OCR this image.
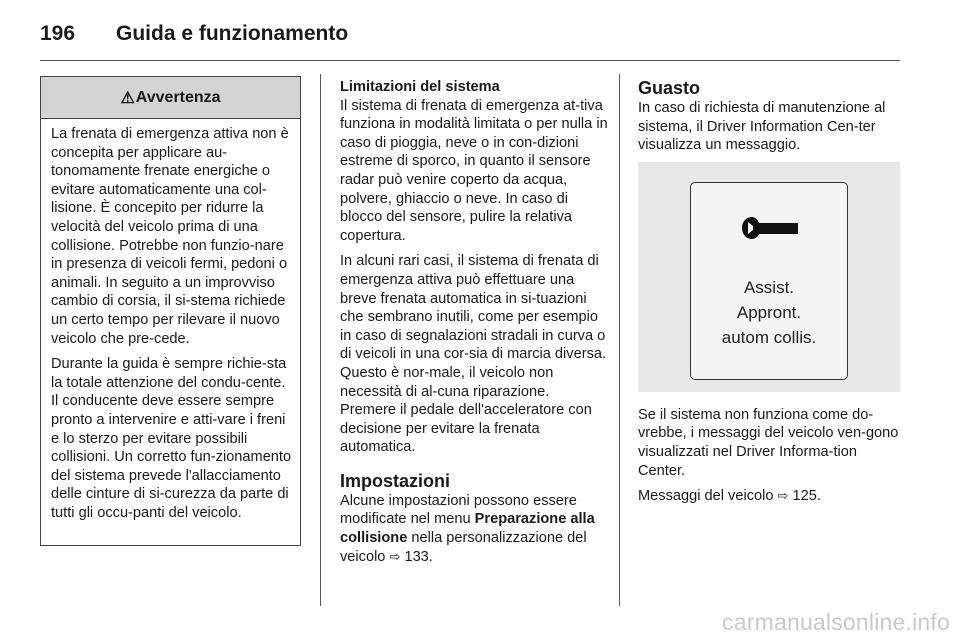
196 Guida e funzionamento
⚠ Avvertenza

La frenata di emergenza attiva non è concepita per applicare au-tonomamente frenate energiche o evitare automaticamente una col-lisione. È concepito per ridurre la velocità del veicolo prima di una collisione. Potrebbe non funzio-nare in presenza di veicoli fermi, pedoni o animali. In seguito a un improvviso cambio di corsia, il si-stema richiede un certo tempo per rilevare il nuovo veicolo che pre-cede.

Durante la guida è sempre richie-sta la totale attenzione del condu-cente. Il conducente deve essere sempre pronto a intervenire e atti-vare i freni e lo sterzo per evitare possibili collisioni. Un corretto fun-zionamento del sistema prevede l'allacciamento delle cinture di si-curezza da parte di tutti gli occu-panti del veicolo.

Limitazioni del sistema

Il sistema di frenata di emergenza at-tiva funziona in modalità limitata o per nulla in caso di pioggia, neve o in con-dizioni estreme di sporco, in quanto il sensore radar può venire coperto da acqua, polvere, ghiaccio o neve. In caso di blocco del sensore, pulire la relativa copertura.

In alcuni rari casi, il sistema di frenata di emergenza attiva può effettuare una breve frenata automatica in si-tuazioni che sembrano inutili, come per esempio in caso di segnalazioni stradali in curva o di veicoli in una cor-sia di marcia diversa. Questo è nor-male, il veicolo non necessità di al-cuna riparazione. Premere il pedale dell'acceleratore con decisione per evitare la frenata automatica.

Impostazioni

Alcune impostazioni possono essere modificate nel menu Preparazione alla collisione nella personalizzazione del veicolo ⇨ 133.

Guasto

In caso di richiesta di manutenzione al sistema, il Driver Information Cen-ter visualizza un messaggio.

Assist.
Appront.
autom collis.

Se il sistema non funziona come do-vrebbe, i messaggi del veicolo ven-gono visualizzati nel Driver Informa-tion Center.

Messaggi del veicolo ⇨ 125.

carmanualsonline.info
